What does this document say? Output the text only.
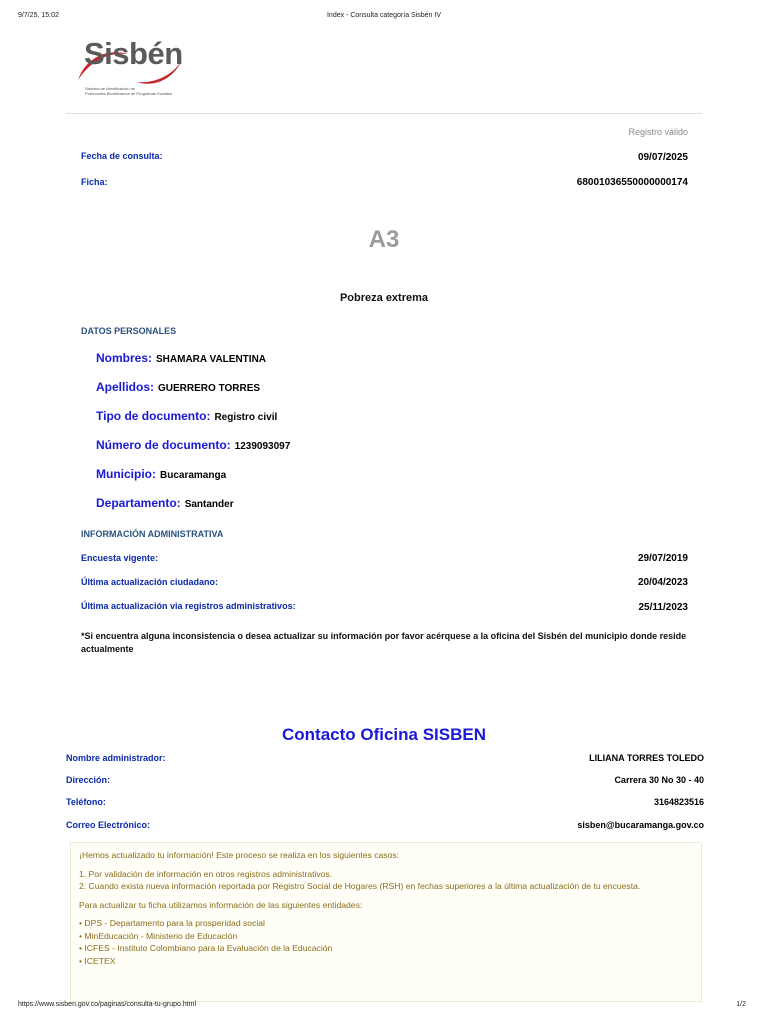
9/7/25, 15:02	Index - Consulta categoría Sisbén IV
Sisbén
Sistema de Identificación de
Potenciales Beneficiarios de Programas Sociales
Registro válido
Fecha de consulta:	09/07/2025
Ficha:	68001036550000000174
A3
Pobreza extrema
DATOS PERSONALES
Nombres: SHAMARA VALENTINA
Apellidos: GUERRERO TORRES
Tipo de documento: Registro civil
Número de documento: 1239093097
Municipio: Bucaramanga
Departamento: Santander
INFORMACIÓN ADMINISTRATIVA
Encuesta vigente:	29/07/2019
Última actualización ciudadano:	20/04/2023
Última actualización via registros administrativos:	25/11/2023
*Si encuentra alguna inconsistencia o desea actualizar su información por favor acérquese a la oficina del Sisbén del municipio donde reside actualmente
Contacto Oficina SISBEN
Nombre administrador:	LILIANA TORRES TOLEDO
Dirección:	Carrera 30 No 30 - 40
Teléfono:	3164823516
Correo Electrónico:	sisben@bucaramanga.gov.co

¡Hemos actualizado tu información! Este proceso se realiza en los siguientes casos:

1. Por validación de información en otros registros administrativos.

2. Cuando exista nueva información reportada por Registro Social de Hogares (RSH) en fechas superiores a la última actualización de tu encuesta.

Para actualizar tu ficha utilizamos información de las siguientes entidades:

• DPS - Departamento para la prosperidad social
• MinEducación - Ministerio de Educación
• ICFES - Instituto Colombiano para la Evaluación de la Educación
• ICETEX
https://www.sisben.gov.co/paginas/consulta-tu-grupo.html	1/2
